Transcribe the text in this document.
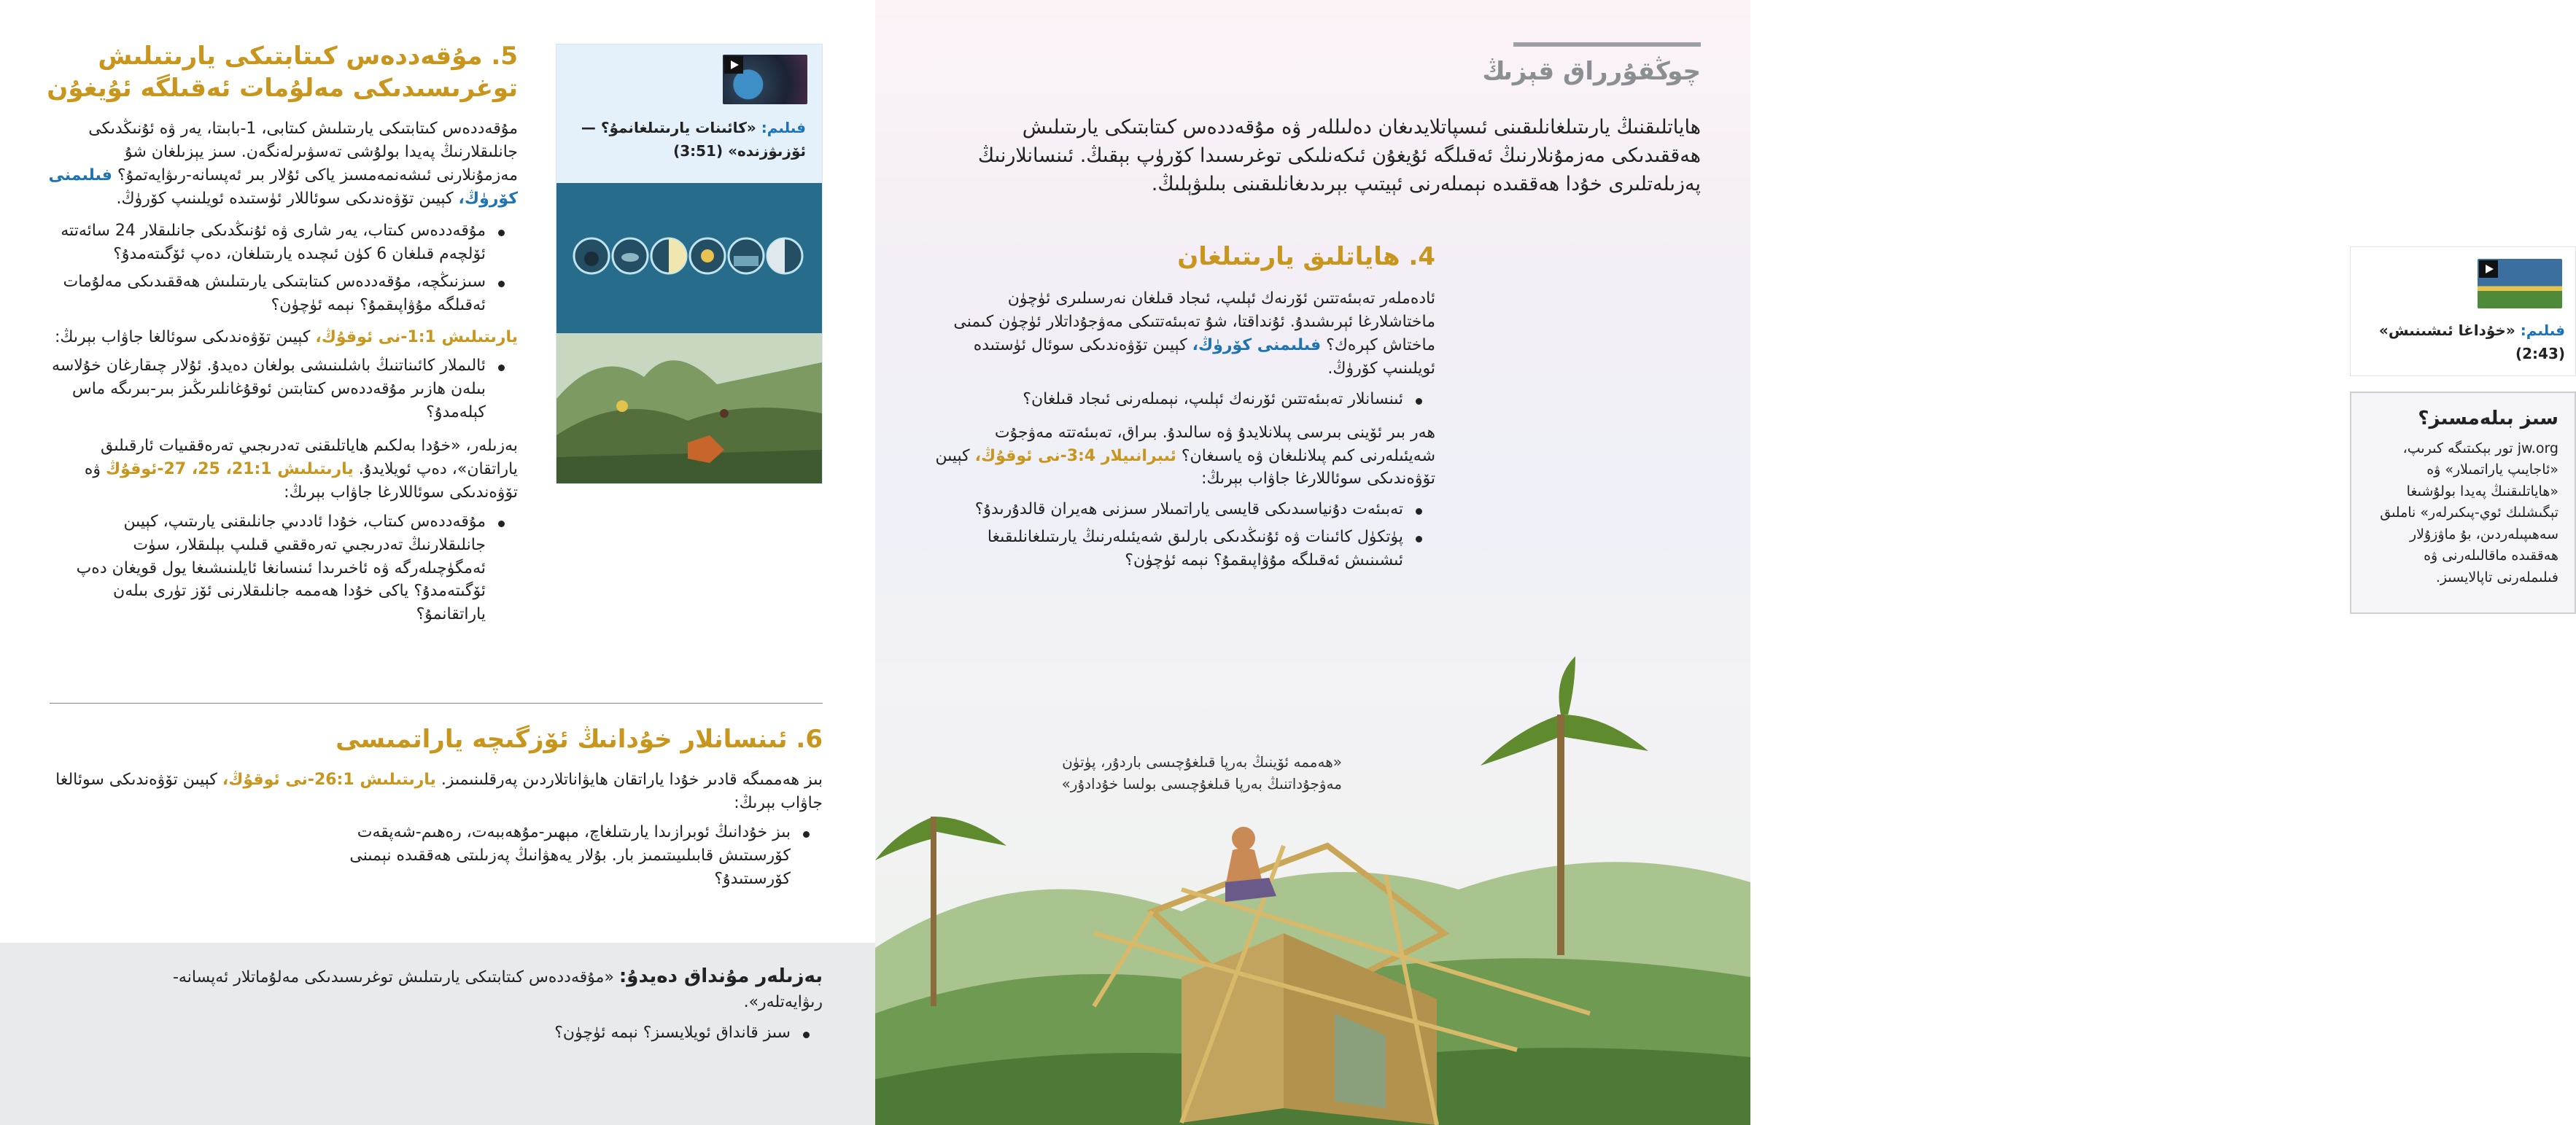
5. مۇقەددەس كىتابتىكى يارىتىلىش توغرىسىدىكى مەلۇمات ئەقىلگە ئۇيغۇن

مۇقەددەس كىتابتىكى يارىتىلىش كىتابى، 1-بابىتا، يەر ۋە ئۇنىڭدىكى جانلىقلارنىڭ پەيدا بولۇشى تەسۋىرلەنگەن. سىز يېزىلغان شۇ مەزمۇنلارنى ئىشەنمەمسىز ياكى ئۇلار بىر ئەپسانە-رىۋايەتمۇ؟ فىلىمنى كۆرۈڭ، كېيىن تۆۋەندىكى سوئاللار ئۈستىدە ئويلىنىپ كۆرۈڭ.

مۇقەددەس كىتاب، يەر شارى ۋە ئۇنىڭدىكى جانلىقلار 24 سائەتتە ئۆلچەم قىلغان 6 كۈن ئىچىدە يارىتىلغان، دەپ ئۆگىتەمدۇ؟
سىزنىڭچە، مۇقەددەس كىتابتىكى يارىتىلىش ھەققىدىكى مەلۇمات ئەقىلگە مۇۋاپىقمۇ؟ نېمە ئۈچۈن؟

يارىتىلىش 1:1-نى ئوقۇڭ، كېيىن تۆۋەندىكى سوئالغا جاۋاب بېرىڭ:

ئالىملار كائىناتنىڭ باشلىنىشى بولغان دەيدۇ. ئۇلار چىقارغان خۇلاسە بىلەن ھازىر مۇقەددەس كىتابتىن ئوقۇغانلىرىڭىز بىر-بىرىگە ماس كېلەمدۇ؟

بەزىلەر، «خۇدا بەلكىم ھاياتلىقنى تەدرىجىي تەرەققىيات ئارقىلىق ياراتقان»، دەپ ئويلايدۇ. يارىتىلىش 21:1، 25، 27-ئوقۇڭ ۋە تۆۋەندىكى سوئاللارغا جاۋاب بېرىڭ:

مۇقەددەس كىتاب، خۇدا ئاددىي جانلىقنى يارىتىپ، كېيىن جانلىقلارنىڭ تەدرىجىي تەرەققىي قىلىپ بېلىقلار، سۈت ئەمگۈچىلەرگە ۋە ئاخىرىدا ئىنسانغا ئايلىنىشىغا يول قويغان دەپ ئۆگىتەمدۇ؟ ياكى خۇدا ھەممە جانلىقلارنى ئۆز تۈرى بىلەن ياراتقانمۇ؟
فىلىم: «كائىنات يارىتىلغانمۇ؟ — ئۆزىۋزندە» (3:51)
6. ئىنسانلار خۇدانىڭ ئۆزگىچە ياراتمىسى

بىز ھەممىگە قادىر خۇدا ياراتقان ھايۋاناتلاردىن پەرقلىنىمىز. يارىتىلىش 26:1-نى ئوقۇڭ، كېيىن تۆۋەندىكى سوئالغا جاۋاب بېرىڭ:

بىز خۇدانىڭ ئوبرازىدا يارىتىلغاچ، مېھىر-مۇھەببەت، رەھىم-شەپقەت كۆرسىتىش قابىلىيىتىمىز بار. بۇلار يەھۋانىڭ پەزىلىتى ھەققىدە نېمىنى كۆرسىتىدۇ؟

بەزىلەر مۇنداق دەيدۇ: «مۇقەددەس كىتابتىكى يارىتىلىش توغرىسىدىكى مەلۇماتلار ئەپسانە-رىۋايەتلەر».

سىز قانداق ئويلايسىز؟ نېمە ئۈچۈن؟
چوڭقۇرراق قېزىڭ

ھاياتلىقنىڭ يارىتىلغانلىقىنى ئىسپاتلايدىغان دەلىللەر ۋە مۇقەددەس كىتابتىكى يارىتىلىش ھەققىدىكى مەزمۇنلارنىڭ ئەقىلگە ئۇيغۇن ئىكەنلىكى توغرىسىدا كۆرۈپ بېقىڭ. ئىنسانلارنىڭ پەزىلەتلىرى خۇدا ھەققىدە نېمىلەرنى ئېيتىپ بېرىدىغانلىقىنى بىلىۋېلىڭ.

4. ھاياتلىق يارىتىلغان

ئادەملەر تەبىئەتتىن ئۆرنەك ئېلىپ، ئىجاد قىلغان نەرسىلىرى ئۈچۈن ماختاشلارغا ئېرىشىدۇ. ئۇنداقتا، شۇ تەبىئەتتىكى مەۋجۇداتلار ئۈچۈن كىمنى ماختاش كېرەك؟ فىلىمنى كۆرۈڭ، كېيىن تۆۋەندىكى سوئال ئۈستىدە ئويلىنىپ كۆرۈڭ.

ئىنسانلار تەبىئەتتىن ئۆرنەك ئېلىپ، نېمىلەرنى ئىجاد قىلغان؟

ھەر بىر ئۆينى بىرسى پىلانلايدۇ ۋە سالىدۇ. بىراق، تەبىئەتتە مەۋجۇت شەيئىلەرنى كىم پىلانلىغان ۋە ياسىغان؟ ئىبرانىيلار 3:4-نى ئوقۇڭ، كېيىن تۆۋەندىكى سوئاللارغا جاۋاب بېرىڭ:

تەبىئەت دۇنياسىدىكى قايسى ياراتمىلار سىزنى ھەيران قالدۇرىدۇ؟
پۈتكۈل كائىنات ۋە ئۇنىڭدىكى بارلىق شەيئىلەرنىڭ يارىتىلغانلىقىغا ئىشىنىش ئەقىلگە مۇۋاپىقمۇ؟ نېمە ئۈچۈن؟
فىلىم: «خۇداغا ئىشىنىش» (2:43)
سىز بىلەمسىز؟

jw.org تور بېكىتىگە كىرىپ، «ئاجايىپ ياراتمىلار» ۋە «ھاياتلىقنىڭ پەيدا بولۇشىغا تېگىشلىك ئوي-پىكىرلەر» ناملىق سەھىپىلەردىن، بۇ ماۋزۇلار ھەققىدە ماقالىلەرنى ۋە فىلىملەرنى تاپالايسىز.

«ھەممە ئۆينىڭ بەرپا قىلغۇچىسى باردۇر، پۈتۈن مەۋجۇداتنىڭ بەرپا قىلغۇچىسى بولسا خۇدادۇر»
